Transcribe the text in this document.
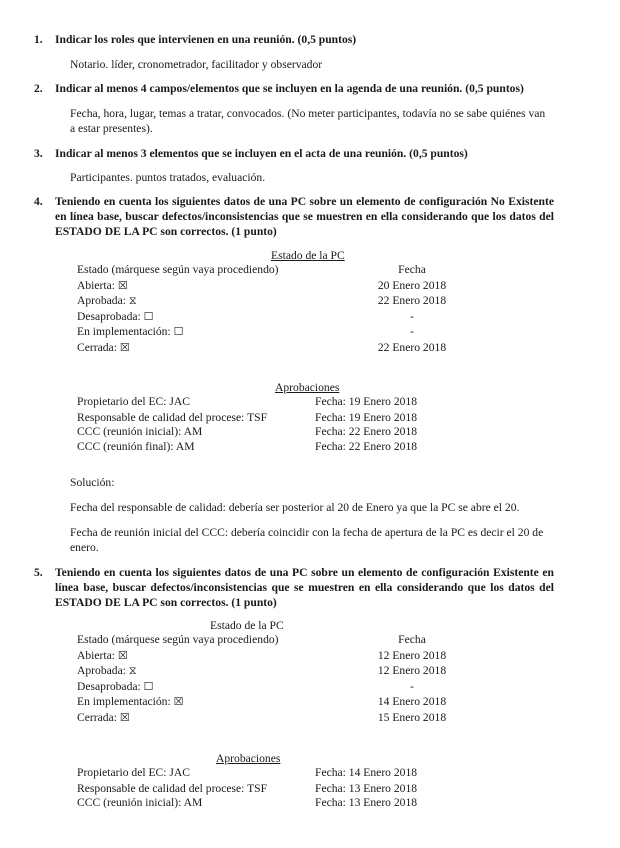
1. Indicar los roles que intervienen en una reunión. (0,5 puntos)
Notario. líder, cronometrador, facilitador y observador
2. Indicar al menos 4 campos/elementos que se incluyen en la agenda de una reunión. (0,5 puntos)
Fecha, hora, lugar, temas a tratar, convocados. (No meter participantes, todavía no se sabe quiénes van a estar presentes).
3. Indicar al menos 3 elementos que se incluyen en el acta de una reunión. (0,5 puntos)
Participantes. puntos tratados, evaluación.
4. Teniendo en cuenta los siguientes datos de una PC sobre un elemento de configuración No Existente en línea base, buscar defectos/inconsistencias que se muestren en ella considerando que los datos del ESTADO DE LA PC son correctos. (1 punto)
Estado de la PC
Estado (márquese según vaya procediendo)	Fecha
Abierta: ☒	20 Enero 2018
Aprobada: ⧖	22 Enero 2018
Desaprobada: ☐	-
En implementación: ☐	-
Cerrada: ☒	22 Enero 2018
Aprobaciones
Propietario del EC: JAC	Fecha: 19 Enero 2018
Responsable de calidad del procese: TSF	Fecha: 19 Enero 2018
CCC (reunión inicial): AM	Fecha: 22 Enero 2018
CCC (reunión final): AM	Fecha: 22 Enero 2018
Solución:
Fecha del responsable de calidad: debería ser posterior al 20 de Enero ya que la PC se abre el 20.
Fecha de reunión inicial del CCC: debería coincidir con la fecha de apertura de la PC es decir el 20 de enero.
5. Teniendo en cuenta los siguientes datos de una PC sobre un elemento de configuración Existente en línea base, buscar defectos/inconsistencias que se muestren en ella considerando que los datos del ESTADO DE LA PC son correctos. (1 punto)
Estado de la PC
Estado (márquese según vaya procediendo)	Fecha
Abierta: ☒	12 Enero 2018
Aprobada: ⧖	12 Enero 2018
Desaprobada: ☐	-
En implementación: ☒	14 Enero 2018
Cerrada: ☒	15 Enero 2018
Aprobaciones
Propietario del EC: JAC	Fecha: 14 Enero 2018
Responsable de calidad del procese: TSF	Fecha: 13 Enero 2018
CCC (reunión inicial): AM	Fecha: 13 Enero 2018
